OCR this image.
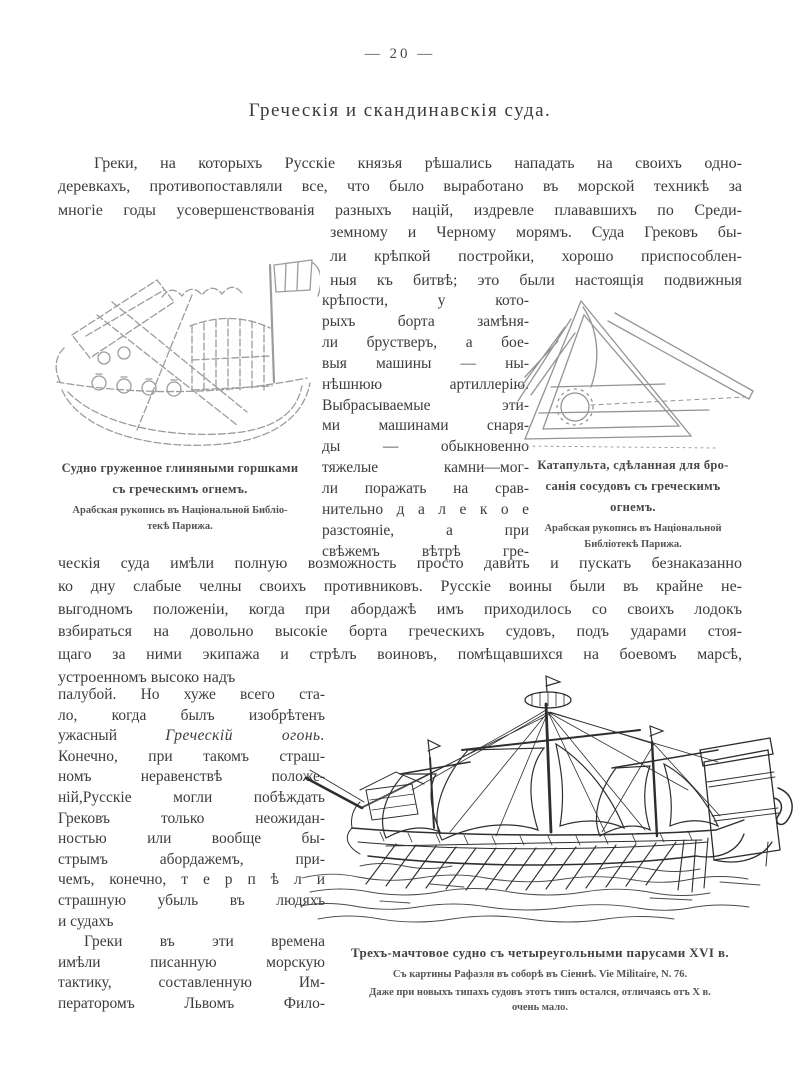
— 20 —
Греческія и скандинавскія суда.
Греки, на которыхъ Русскіе князья рѣшались нападать на своихъ одно-
деревкахъ, противопоставляли все, что было выработано въ морской техникѣ за
многіе годы усовершенствованія разныхъ націй, издревле плававшихъ по Среди-
земному и Черному морямъ. Суда Грековъ бы-
ли крѣпкой постройки, хорошо приспособлен-
ныя къ битвѣ; это были настоящія подвижныя
крѣпости, у кото-
рыхъ борта замѣня-
ли брустверъ, а бое-
выя машины — ны-
нѣшнюю артиллерію.
Выбрасываемые эти-
ми машинами снаря-
ды — обыкновенно
тяжелые камни—мог-
ли поражать на срав-
нительно д а л е к о е
разстояніе, а при
свѣжемъ вѣтрѣ гре-
Судно груженное глиняными горшками
съ греческимъ огнемъ.
Арабская рукопись въ Національной Библіо-
текѣ Парижа.
Катапульта, сдѣланная для бро-
санія сосудовъ съ греческимъ
огнемъ.
Арабская рукопись въ Національной
Библіотекѣ Парижа.
ческія суда имѣли полную возможность просто давить и пускать безнаказанно
ко дну слабые челны своихъ противниковъ. Русскіе воины были въ крайне не-
выгодномъ положеніи, когда при абордажѣ имъ приходилось со своихъ лодокъ
взбираться на довольно высокіе борта греческихъ судовъ, подъ ударами стоя-
щаго за ними экипажа и стрѣлъ воиновъ, помѣщавшихся на боевомъ марсѣ,
устроенномъ высоко надъ
палубой. Но хуже всего ста-
ло, когда былъ изобрѣтенъ
ужасный Греческій огонь.
Конечно, при такомъ страш-
номъ неравенствѣ положе-
ній,Русскіе могли побѣждать
Грековъ только неожидан-
ностью или вообще бы-
стрымъ абордажемъ, при-
чемъ, конечно, т е р п ѣ л и
страшную убыль въ людяхъ
и судахъ
Греки въ эти времена
имѣли писанную морскую
тактику, составленную Им-
ператоромъ Львомъ Фило-
Трехъ-мачтовое судно съ четыреугольными парусами XVI в.
Съ картины Рафаэля въ соборѣ въ Сіеннѣ. Vie Militaire, N. 76.
Даже при новыхъ типахъ судовъ этотъ типъ остался, отличаясь отъ X в.
очень мало.
